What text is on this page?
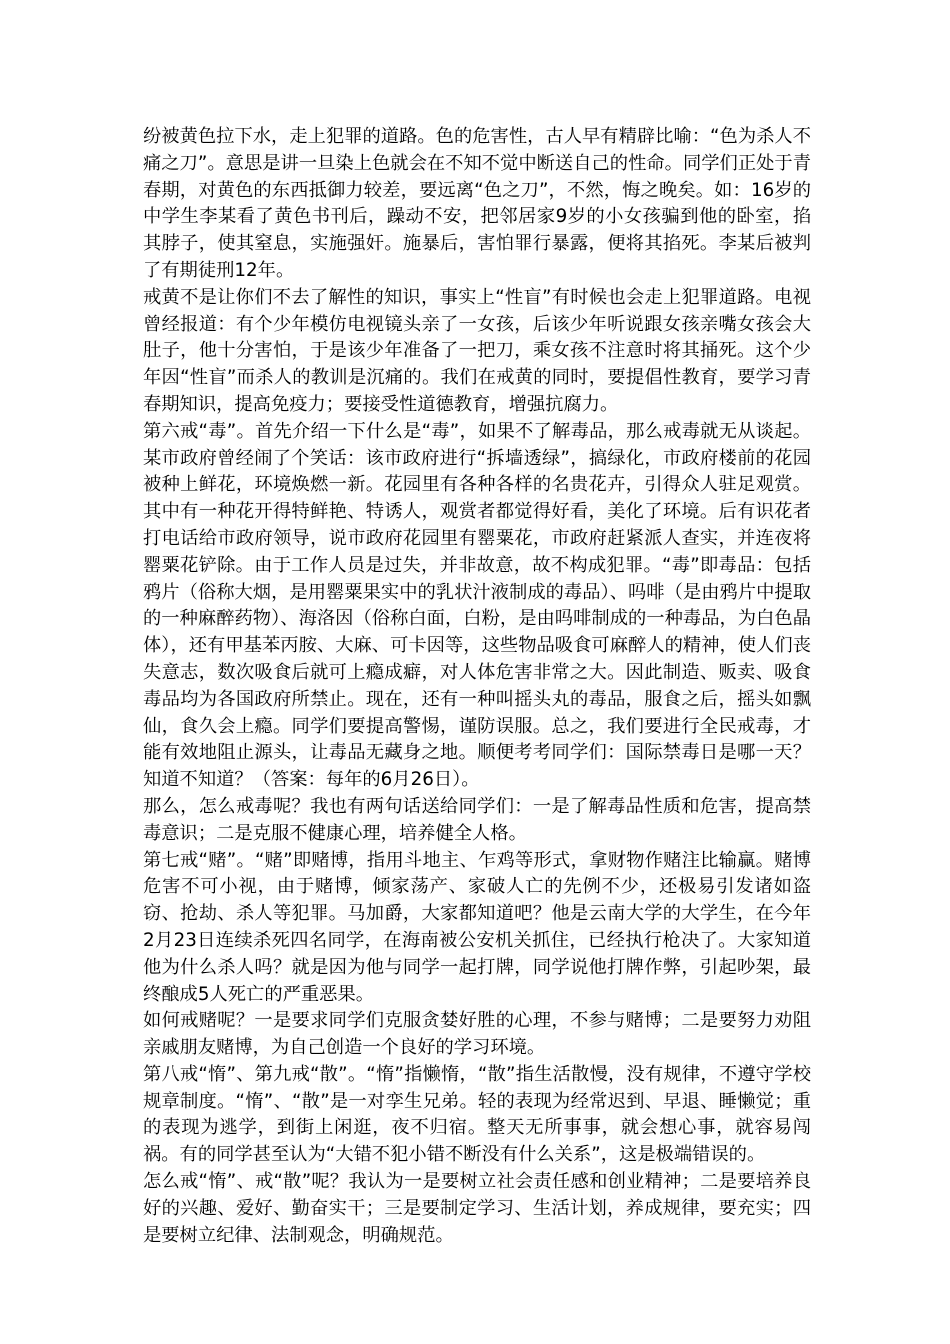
纷被黄色拉下水，走上犯罪的道路。色的危害性，古人早有精辟比喻：“色为杀人不痛之刀”。意思是讲一旦染上色就会在不知不觉中断送自己的性命。同学们正处于青春期，对黄色的东西抵御力较差，要远离“色之刀”，不然，悔之晚矣。如：16岁的中学生李某看了黄色书刊后，躁动不安，把邻居家9岁的小女孩骗到他的卧室，掐其脖子，使其窒息，实施强奸。施暴后，害怕罪行暴露，便将其掐死。李某后被判了有期徒刑12年。

戒黄不是让你们不去了解性的知识，事实上“性盲”有时候也会走上犯罪道路。电视曾经报道：有个少年模仿电视镜头亲了一女孩，后该少年听说跟女孩亲嘴女孩会大肚子，他十分害怕，于是该少年准备了一把刀，乘女孩不注意时将其捅死。这个少年因“性盲”而杀人的教训是沉痛的。我们在戒黄的同时，要提倡性教育，要学习青春期知识，提高免疫力；要接受性道德教育，增强抗腐力。

第六戒“毒”。首先介绍一下什么是“毒”，如果不了解毒品，那么戒毒就无从谈起。某市政府曾经闹了个笑话：该市政府进行“拆墙透绿”，搞绿化，市政府楼前的花园被种上鲜花，环境焕燃一新。花园里有各种各样的名贵花卉，引得众人驻足观赏。其中有一种花开得特鲜艳、特诱人，观赏者都觉得好看，美化了环境。后有识花者打电话给市政府领导，说市政府花园里有罂粟花，市政府赶紧派人查实，并连夜将罂粟花铲除。由于工作人员是过失，并非故意，故不构成犯罪。“毒”即毒品：包括鸦片（俗称大烟，是用罂粟果实中的乳状汁液制成的毒品）、吗啡（是由鸦片中提取的一种麻醉药物）、海洛因（俗称白面，白粉，是由吗啡制成的一种毒品，为白色晶体），还有甲基苯丙胺、大麻、可卡因等，这些物品吸食可麻醉人的精神，使人们丧失意志，数次吸食后就可上瘾成癖，对人体危害非常之大。因此制造、贩卖、吸食毒品均为各国政府所禁止。现在，还有一种叫摇头丸的毒品，服食之后，摇头如飘仙，食久会上瘾。同学们要提高警惕，谨防误服。总之，我们要进行全民戒毒，才能有效地阻止源头，让毒品无藏身之地。顺便考考同学们：国际禁毒日是哪一天？知道不知道？（答案：每年的6月26日）。

那么，怎么戒毒呢？我也有两句话送给同学们：一是了解毒品性质和危害，提高禁毒意识；二是克服不健康心理，培养健全人格。

第七戒“赌”。“赌”即赌博，指用斗地主、乍鸡等形式，拿财物作赌注比输赢。赌博危害不可小视，由于赌博，倾家荡产、家破人亡的先例不少，还极易引发诸如盗窃、抢劫、杀人等犯罪。马加爵，大家都知道吧？他是云南大学的大学生，在今年2月23日连续杀死四名同学，在海南被公安机关抓住，已经执行枪决了。大家知道他为什么杀人吗？就是因为他与同学一起打牌，同学说他打牌作弊，引起吵架，最终酿成5人死亡的严重恶果。

如何戒赌呢？一是要求同学们克服贪婪好胜的心理，不参与赌博；二是要努力劝阻亲戚朋友赌博，为自己创造一个良好的学习环境。

第八戒“惰”、第九戒“散”。“惰”指懒惰，“散”指生活散慢，没有规律，不遵守学校规章制度。“惰”、“散”是一对孪生兄弟。轻的表现为经常迟到、早退、睡懒觉；重的表现为逃学，到街上闲逛，夜不归宿。整天无所事事，就会想心事，就容易闯祸。有的同学甚至认为“大错不犯小错不断没有什么关系”，这是极端错误的。

怎么戒“惰”、戒“散”呢？我认为一是要树立社会责任感和创业精神；二是要培养良好的兴趣、爱好、勤奋实干；三是要制定学习、生活计划，养成规律，要充实；四是要树立纪律、法制观念，明确规范。
